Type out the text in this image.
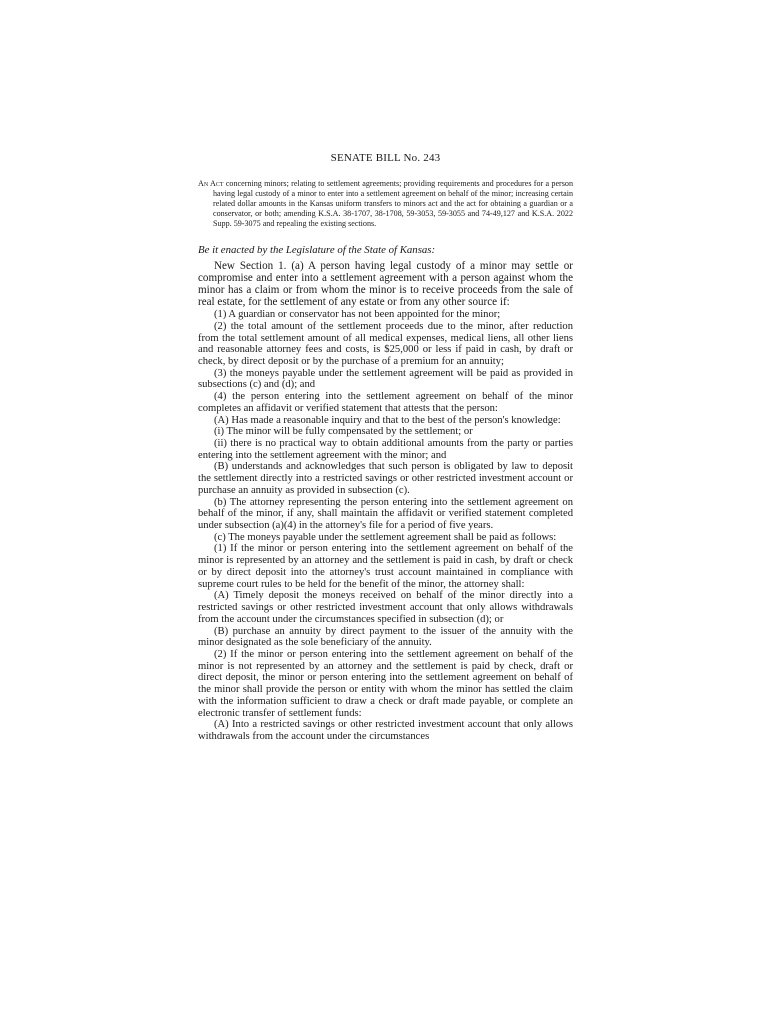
SENATE BILL No. 243

An Act concerning minors; relating to settlement agreements; providing requirements and procedures for a person having legal custody of a minor to enter into a settlement agreement on behalf of the minor; increasing certain related dollar amounts in the Kansas uniform transfers to minors act and the act for obtaining a guardian or a conservator, or both; amending K.S.A. 38-1707, 38-1708, 59-3053, 59-3055 and 74-49,127 and K.S.A. 2022 Supp. 59-3075 and repealing the existing sections.

Be it enacted by the Legislature of the State of Kansas:

New Section 1. (a) A person having legal custody of a minor may settle or compromise and enter into a settlement agreement with a person against whom the minor has a claim or from whom the minor is to receive proceeds from the sale of real estate, for the settlement of any estate or from any other source if:

(1) A guardian or conservator has not been appointed for the minor;

(2) the total amount of the settlement proceeds due to the minor, after reduction from the total settlement amount of all medical expenses, medical liens, all other liens and reasonable attorney fees and costs, is $25,000 or less if paid in cash, by draft or check, by direct deposit or by the purchase of a premium for an annuity;

(3) the moneys payable under the settlement agreement will be paid as provided in subsections (c) and (d); and

(4) the person entering into the settlement agreement on behalf of the minor completes an affidavit or verified statement that attests that the person:

(A) Has made a reasonable inquiry and that to the best of the person's knowledge:

(i) The minor will be fully compensated by the settlement; or

(ii) there is no practical way to obtain additional amounts from the party or parties entering into the settlement agreement with the minor; and

(B) understands and acknowledges that such person is obligated by law to deposit the settlement directly into a restricted savings or other restricted investment account or purchase an annuity as provided in subsection (c).

(b) The attorney representing the person entering into the settlement agreement on behalf of the minor, if any, shall maintain the affidavit or verified statement completed under subsection (a)(4) in the attorney's file for a period of five years.

(c) The moneys payable under the settlement agreement shall be paid as follows:

(1) If the minor or person entering into the settlement agreement on behalf of the minor is represented by an attorney and the settlement is paid in cash, by draft or check or by direct deposit into the attorney's trust account maintained in compliance with supreme court rules to be held for the benefit of the minor, the attorney shall:

(A) Timely deposit the moneys received on behalf of the minor directly into a restricted savings or other restricted investment account that only allows withdrawals from the account under the circumstances specified in subsection (d); or

(B) purchase an annuity by direct payment to the issuer of the annuity with the minor designated as the sole beneficiary of the annuity.

(2) If the minor or person entering into the settlement agreement on behalf of the minor is not represented by an attorney and the settlement is paid by check, draft or direct deposit, the minor or person entering into the settlement agreement on behalf of the minor shall provide the person or entity with whom the minor has settled the claim with the information sufficient to draw a check or draft made payable, or complete an electronic transfer of settlement funds:

(A) Into a restricted savings or other restricted investment account that only allows withdrawals from the account under the circumstances
